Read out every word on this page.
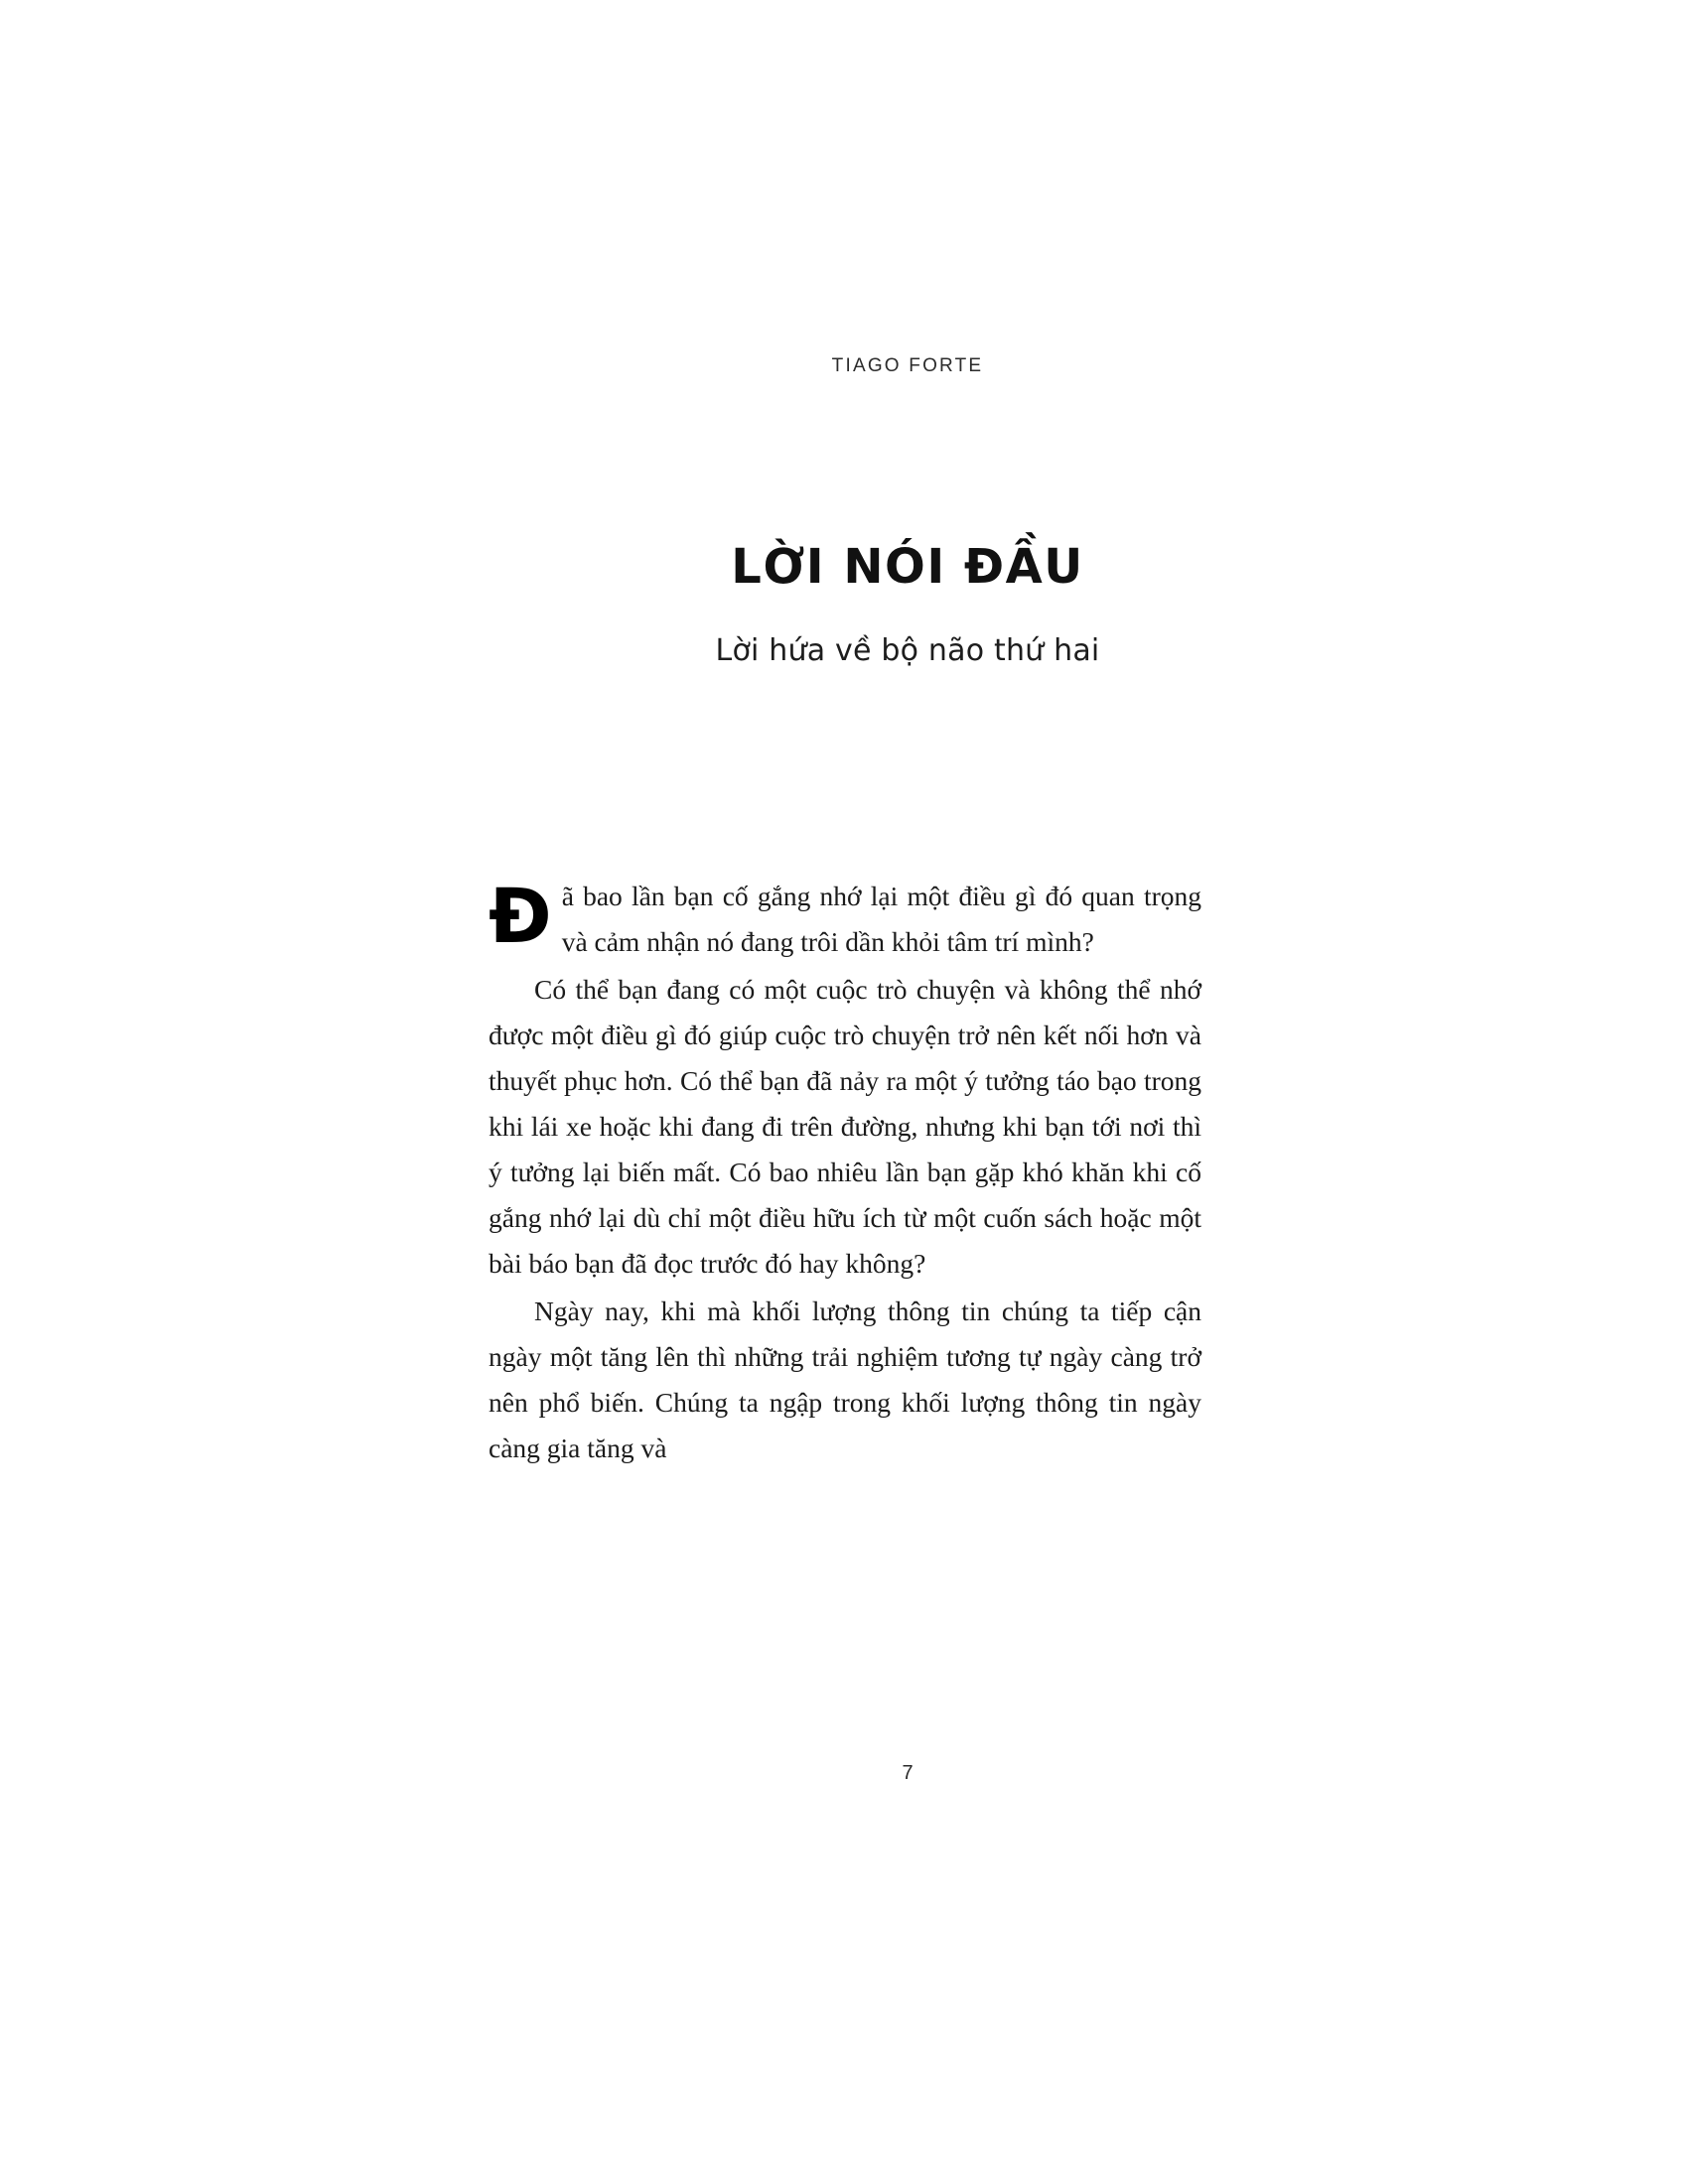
TIAGO FORTE
LỜI NÓI ĐẦU
Lời hứa về bộ não thứ hai

Đã bao lần bạn cố gắng nhớ lại một điều gì đó quan trọng và cảm nhận nó đang trôi dần khỏi tâm trí mình?

Có thể bạn đang có một cuộc trò chuyện và không thể nhớ được một điều gì đó giúp cuộc trò chuyện trở nên kết nối hơn và thuyết phục hơn. Có thể bạn đã nảy ra một ý tưởng táo bạo trong khi lái xe hoặc khi đang đi trên đường, nhưng khi bạn tới nơi thì ý tưởng lại biến mất. Có bao nhiêu lần bạn gặp khó khăn khi cố gắng nhớ lại dù chỉ một điều hữu ích từ một cuốn sách hoặc một bài báo bạn đã đọc trước đó hay không?

Ngày nay, khi mà khối lượng thông tin chúng ta tiếp cận ngày một tăng lên thì những trải nghiệm tương tự ngày càng trở nên phổ biến. Chúng ta ngập trong khối lượng thông tin ngày càng gia tăng và

7
